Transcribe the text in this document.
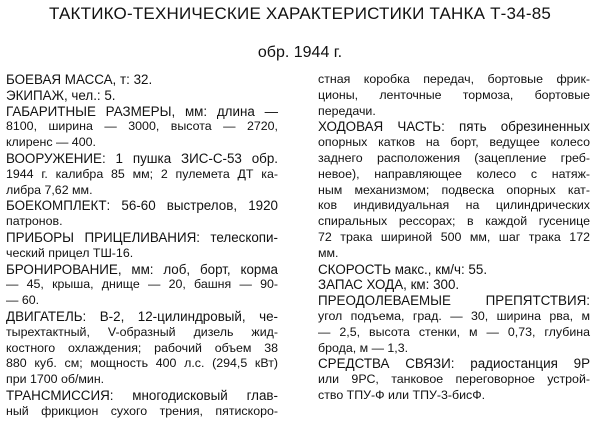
ТАКТИКО-ТЕХНИЧЕСКИЕ ХАРАКТЕРИСТИКИ ТАНКА Т-34-85
обр. 1944 г.
БОЕВАЯ МАССА, т: 32.
ЭКИПАЖ, чел.: 5.
ГАБАРИТНЫЕ РАЗМЕРЫ, мм: длина —
8100, ширина — 3000, высота — 2720,
клиренс — 400.
ВООРУЖЕНИЕ: 1 пушка ЗИС-С-53 обр.
1944 г. калибра 85 мм; 2 пулемета ДТ ка-
либра 7,62 мм.
БОЕКОМПЛЕКТ: 56-60 выстрелов, 1920
патронов.
ПРИБОРЫ ПРИЦЕЛИВАНИЯ: телескопи-
ческий прицел ТШ-16.
БРОНИРОВАНИЕ, мм: лоб, борт, корма
— 45, крыша, днище — 20, башня — 90-
— 60.
ДВИГАТЕЛЬ: В-2, 12-цилиндровый, че-
тырехтактный, V-образный дизель жид-
костного охлаждения; рабочий объем 38
880 куб. см; мощность 400 л.с. (294,5 кВт)
при 1700 об/мин.
ТРАНСМИССИЯ: многодисковый глав-
ный фрикцион сухого трения, пятискоро-
стная коробка передач, бортовые фрик-
ционы, ленточные тормоза, бортовые
передачи.
ХОДОВАЯ ЧАСТЬ: пять обрезиненных
опорных катков на борт, ведущее колесо
заднего расположения (зацепление греб-
невое), направляющее колесо с натяж-
ным механизмом; подвеска опорных кат-
ков индивидуальная на цилиндрических
спиральных рессорах; в каждой гусенице
72 трака шириной 500 мм, шаг трака 172
мм.
СКОРОСТЬ макс., км/ч: 55.
ЗАПАС ХОДА, км: 300.
ПРЕОДОЛЕВАЕМЫЕ ПРЕПЯТСТВИЯ:
угол подъема, град. — 30, ширина рва, м
— 2,5, высота стенки, м — 0,73, глубина
брода, м — 1,3.
СРЕДСТВА СВЯЗИ: радиостанция 9Р
или 9РС, танковое переговорное устрой-
ство ТПУ-Ф или ТПУ-3-бисФ.
